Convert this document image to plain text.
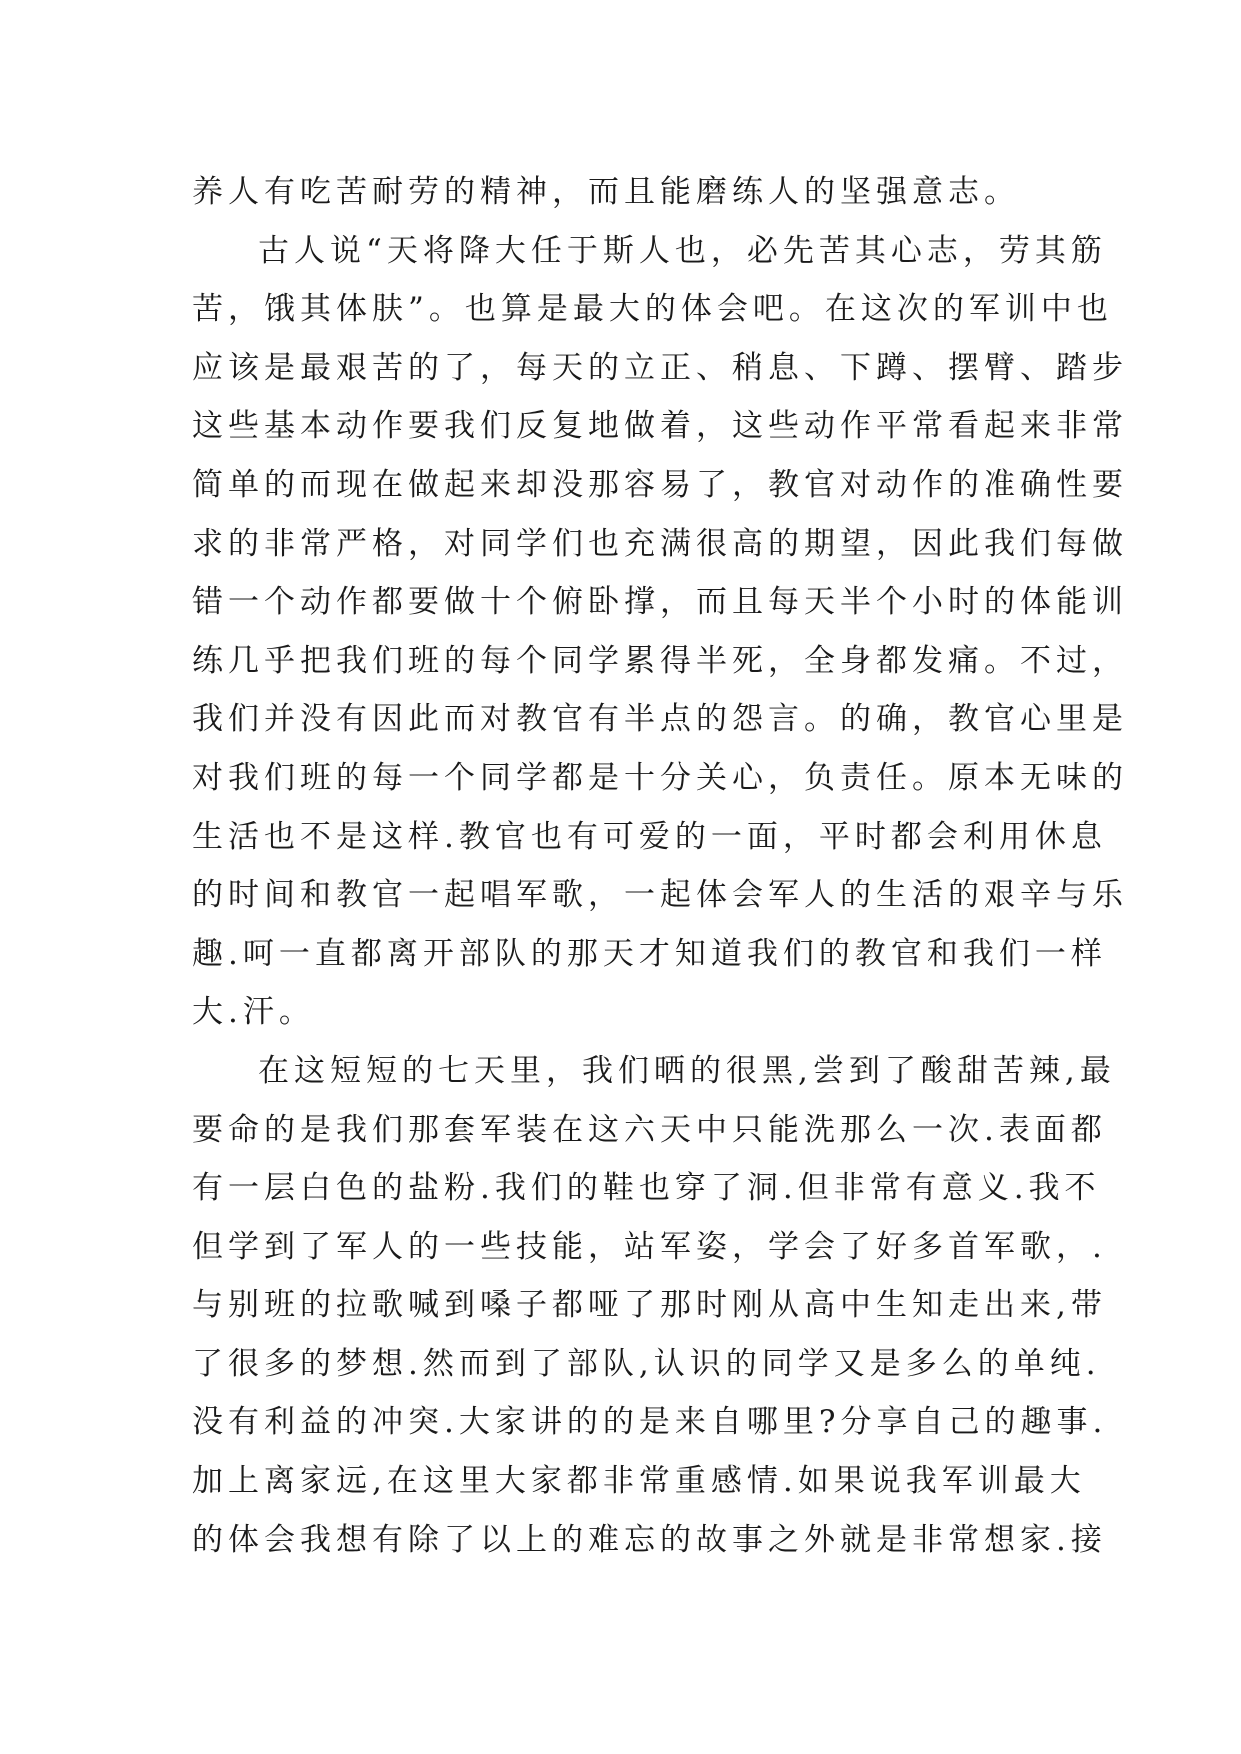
养人有吃苦耐劳的精神，而且能磨练人的坚强意志。
古人说“天将降大任于斯人也，必先苦其心志，劳其筋
苦，饿其体肤”。也算是最大的体会吧。在这次的军训中也
应该是最艰苦的了，每天的立正、稍息、下蹲、摆臂、踏步
这些基本动作要我们反复地做着，这些动作平常看起来非常
简单的而现在做起来却没那容易了，教官对动作的准确性要
求的非常严格，对同学们也充满很高的期望，因此我们每做
错一个动作都要做十个俯卧撑，而且每天半个小时的体能训
练几乎把我们班的每个同学累得半死，全身都发痛。不过，
我们并没有因此而对教官有半点的怨言。的确，教官心里是
对我们班的每一个同学都是十分关心，负责任。原本无味的
生活也不是这样.教官也有可爱的一面，平时都会利用休息
的时间和教官一起唱军歌，一起体会军人的生活的艰辛与乐
趣.呵一直都离开部队的那天才知道我们的教官和我们一样
大.汗。
在这短短的七天里，我们晒的很黑,尝到了酸甜苦辣,最
要命的是我们那套军装在这六天中只能洗那么一次.表面都
有一层白色的盐粉.我们的鞋也穿了洞.但非常有意义.我不
但学到了军人的一些技能，站军姿，学会了好多首军歌，.
与别班的拉歌喊到嗓子都哑了那时刚从高中生知走出来,带
了很多的梦想.然而到了部队,认识的同学又是多么的单纯.
没有利益的冲突.大家讲的的是来自哪里?分享自己的趣事.
加上离家远,在这里大家都非常重感情.如果说我军训最大
的体会我想有除了以上的难忘的故事之外就是非常想家.接
